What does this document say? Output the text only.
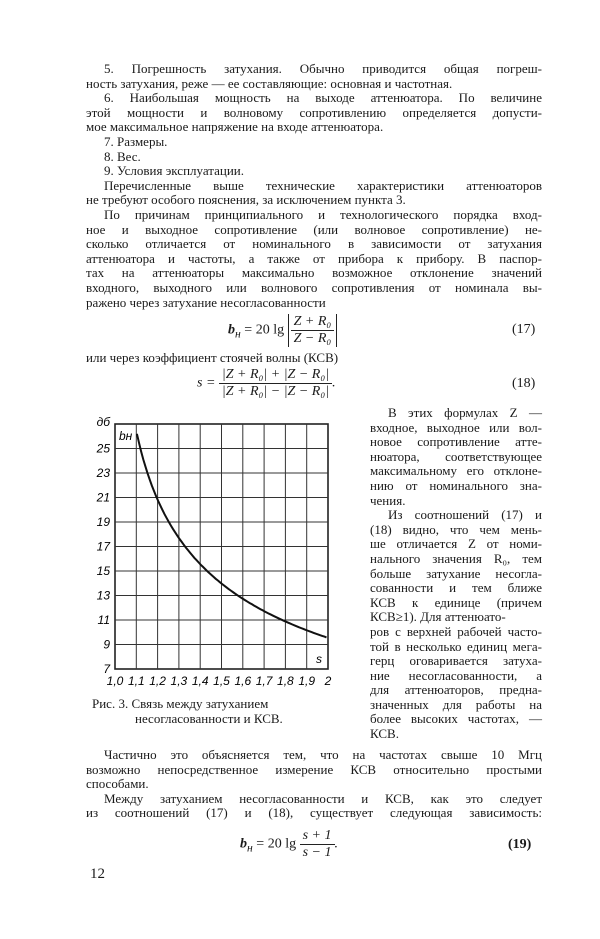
5. Погрешность затухания. Обычно приводится общая погреш-
ность затухания, реже — ее составляющие: основная и частотная.
6. Наибольшая мощность на выходе аттенюатора. По величине
этой мощности и волновому сопротивлению определяется допусти-
мое максимальное напряжение на входе аттенюатора.
7. Размеры.
8. Вес.
9. Условия эксплуатации.
Перечисленные выше технические характеристики аттенюаторов
не требуют особого пояснения, за исключением пункта 3.
По причинам принципиального и технологического порядка вход-
ное и выходное сопротивление (или волновое сопротивление) не-
сколько отличается от номинального в зависимости от затухания
аттенюатора и частоты, а также от прибора к прибору. В паспор-
тах на аттенюаторы максимально возможное отклонение значений
входного, выходного или волнового сопротивления от номинала вы-
ражено через затухание несогласованности
$b_н = 20$ $\lg \frac{\text{Z + R₀}}{\text{Z − R₀}}$	(17)
или через коэффициент стоячей волны (КСВ)
$s = \frac{\text{|Z + R₀| + |Z − R₀|}}{\text{|Z + R₀| − |Z − R₀|}}$ .	(18)
25
23
21
19
17
15
13
11
9
7
дб
1,0 1,1 1,2 1,3 1,4 1,5 1,6 1,7 1,8 1,9 2
bн
s
Рис. 3. Связь между затуханием
несогласованности и КСВ.
В этих формулах Z —
входное, выходное или вол-
новое сопротивление атте-
нюатора, соответствующее
максимальному его отклоне-
нию от номинального зна-
чения.
Из соотношений (17) и
(18) видно, что чем мень-
ше отличается Z от номи-
нального значения R₀, тем
больше затухание несогла-
сованности и тем ближе
КСВ к единице (причем
КСВ≥1). Для аттенюато-
ров с верхней рабочей часто-
той в несколько единиц мега-
герц оговаривается затуха-
ние несогласованности, а
для аттенюаторов, предна-
значенных для работы на
более высоких частотах, —
КСВ.
Частично это объясняется тем, что на частотах свыше 10 Мгц
возможно непосредственное измерение КСВ относительно простыми
способами.
Между затуханием несогласованности и КСВ, как это следует
из соотношений (17) и (18), существует следующая зависимость:
$b_н = 20$ $\lg \frac{s + 1}{s - 1}$ .	(19)
12
